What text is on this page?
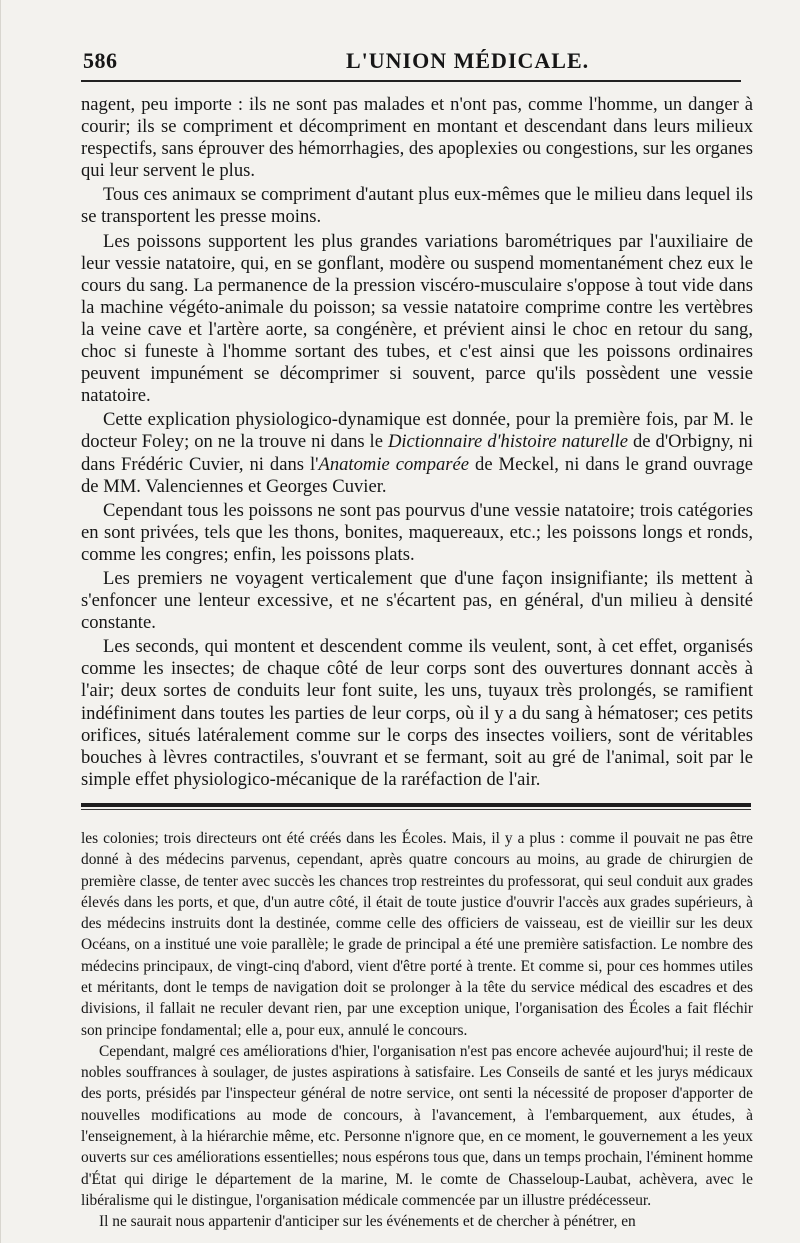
586	L'UNION MÉDICALE.

nagent, peu importe : ils ne sont pas malades et n'ont pas, comme l'homme, un danger à courir; ils se compriment et décompriment en montant et descendant dans leurs milieux respectifs, sans éprouver des hémorrhagies, des apoplexies ou congestions, sur les organes qui leur servent le plus.

Tous ces animaux se compriment d'autant plus eux-mêmes que le milieu dans lequel ils se transportent les presse moins.

Les poissons supportent les plus grandes variations barométriques par l'auxiliaire de leur vessie natatoire, qui, en se gonflant, modère ou suspend momentanément chez eux le cours du sang. La permanence de la pression viscéro-musculaire s'oppose à tout vide dans la machine végéto-animale du poisson; sa vessie natatoire comprime contre les vertèbres la veine cave et l'artère aorte, sa congénère, et prévient ainsi le choc en retour du sang, choc si funeste à l'homme sortant des tubes, et c'est ainsi que les poissons ordinaires peuvent impunément se décomprimer si souvent, parce qu'ils possèdent une vessie natatoire.

Cette explication physiologico-dynamique est donnée, pour la première fois, par M. le docteur Foley; on ne la trouve ni dans le Dictionnaire d'histoire naturelle de d'Orbigny, ni dans Frédéric Cuvier, ni dans l'Anatomie comparée de Meckel, ni dans le grand ouvrage de MM. Valenciennes et Georges Cuvier.

Cependant tous les poissons ne sont pas pourvus d'une vessie natatoire; trois catégories en sont privées, tels que les thons, bonites, maquereaux, etc.; les poissons longs et ronds, comme les congres; enfin, les poissons plats.

Les premiers ne voyagent verticalement que d'une façon insignifiante; ils mettent à s'enfoncer une lenteur excessive, et ne s'écartent pas, en général, d'un milieu à densité constante.

Les seconds, qui montent et descendent comme ils veulent, sont, à cet effet, organisés comme les insectes; de chaque côté de leur corps sont des ouvertures donnant accès à l'air; deux sortes de conduits leur font suite, les uns, tuyaux très prolongés, se ramifient indéfiniment dans toutes les parties de leur corps, où il y a du sang à hématoser; ces petits orifices, situés latéralement comme sur le corps des insectes voiliers, sont de véritables bouches à lèvres contractiles, s'ouvrant et se fermant, soit au gré de l'animal, soit par le simple effet physiologico-mécanique de la raréfaction de l'air.

les colonies; trois directeurs ont été créés dans les Écoles. Mais, il y a plus : comme il pouvait ne pas être donné à des médecins parvenus, cependant, après quatre concours au moins, au grade de chirurgien de première classe, de tenter avec succès les chances trop restreintes du professorat, qui seul conduit aux grades élevés dans les ports, et que, d'un autre côté, il était de toute justice d'ouvrir l'accès aux grades supérieurs, à des médecins instruits dont la destinée, comme celle des officiers de vaisseau, est de vieillir sur les deux Océans, on a institué une voie parallèle; le grade de principal a été une première satisfaction. Le nombre des médecins principaux, de vingt-cinq d'abord, vient d'être porté à trente. Et comme si, pour ces hommes utiles et méritants, dont le temps de navigation doit se prolonger à la tête du service médical des escadres et des divisions, il fallait ne reculer devant rien, par une exception unique, l'organisation des Écoles a fait fléchir son principe fondamental; elle a, pour eux, annulé le concours.

Cependant, malgré ces améliorations d'hier, l'organisation n'est pas encore achevée aujourd'hui; il reste de nobles souffrances à soulager, de justes aspirations à satisfaire. Les Conseils de santé et les jurys médicaux des ports, présidés par l'inspecteur général de notre service, ont senti la nécessité de proposer d'apporter de nouvelles modifications au mode de concours, à l'avancement, à l'embarquement, aux études, à l'enseignement, à la hiérarchie même, etc. Personne n'ignore que, en ce moment, le gouvernement a les yeux ouverts sur ces améliorations essentielles; nous espérons tous que, dans un temps prochain, l'éminent homme d'État qui dirige le département de la marine, M. le comte de Chasseloup-Laubat, achèvera, avec le libéralisme qui le distingue, l'organisation médicale commencée par un illustre prédécesseur.

Il ne saurait nous appartenir d'anticiper sur les événements et de chercher à pénétrer, en
